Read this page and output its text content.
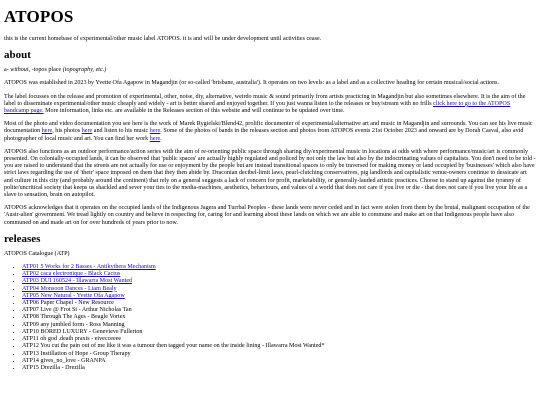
ATOPOS

this is the current homebase of experimental/other music label ATOPOS. it is and will be under development until activities cease.

about

a- without, -topos place (topography, etc.)

ATOPOS was established in 2023 by Yvette Ofa Agapow in Magandjin (or so-called 'brisbane, australia'). It operates on two levels: as a label and as a collective heading for certain musical/social actions.

The label focusses on the release and promotion of experimental, other, noise, diy, alternative, weirdo music & sound primarily from artists practicing in Magandjin but also sometimes elsewhere. It is the aim of the label to disseminate experimental/other music cheaply and widely - art is better shared and enjoyed together. If you just wanna listen to the releases or buy/stream with no frills click here to go to the ATOPOS bandcamp page. More information, links etc. are available in the Releases section of this website and will continue to be updated over time.

Most of the photo and video documentation you see here is the work of Marek Rygielski/Blend42, prolific documenter of experimental/alternative art and music in Magandjin and surrounds. You can see his live music documentation here, his photos here and listen to his music here. Some of the photos of bands in the releases section and photos from ATOPOS events 21st October 2023 and onward are by Dorah Casval, also avid photographer of local music and art. You can find her work here.

ATOPOS also functions as an outdoor performance/action series with the aim of re-orienting public space through sharing diy/experimental music in locations at odds with where performance/music/art is commonly presented. On colonially-occupied lands, it can be observed that 'public spaces' are actually highly regulated and policed by not only the law but also by the indoctrinating values of capitalists. You don't need to be told - you are raised to understand that the streets are not actually for use or enjoyment by the people but are instead transitional spaces to only be traversed for making money or land occupied by 'businesses' which also have strict laws regarding the use of 'their' space imposed on them that they then abide by. Draconian decibel-limit laws, pearl-clutching conservatives, pig landlords and capitalistic venue-owners continue to dessicate art and culture in this city (and probably around the continent) that rely on a general suggests a lack of concern for profit, marketability, or generally-lauded artistic practices. Choose to stand up against the tyranny of polite/uncritical society that keeps us shackled and sever your ties to the media-machines, aesthetics, behaviours, and values of a world that does not care if you live or die - that does not care if you live your life as a slave to sensation, brain on autopilot.

ATOPOS acknowledges that it operates on the occupied lands of the Indigenous Jagera and Turrbal Peoples - these lands were never ceded and in fact were stolen from them by the brutal, malignant occupation of the 'Austr-alien' government. We tread lightly on country and believe in respecting for, caring for and learning about these lands on which we are able to commune and make art on that Indigenous people have also communed on and made art on for over hundreds of years prior to now.

releases

ATOPOS Catalogue (ATP)

• ATP01 5 Works for 2 Basses - Antikythera Mechanism
• ATP02 caca electronique - Black Cactus
• ATP03 DUI 160524 - Illawarra Most Wanted
• ATP04 Monsoon Dances - Liam Bealy
• ATP05 New Natural - Yvette Ofa Agapow
• ATP06 Paper Chapel - New Resource
• ATP07 Live @ Frot St - Arthur Nicholas Tan
• ATP08 Through The Ages - Beagle Vortex
• ATP09 any jumbled form - Ross Manning
• ATP10 BORED LUXURY - Genevieve Fullerton
• ATP11 oh god .death praxis - eivecceeee
• ATP12 You cut the pain out of me like it was a tumour then tagged your name on the inside lining - Illawarra Most Wanted*
• ATP13 Instillation of Hope - Group Therapy
• ATP14 gives_no_love - GRANPA
• ATP15 Drezilla - Drezilla
